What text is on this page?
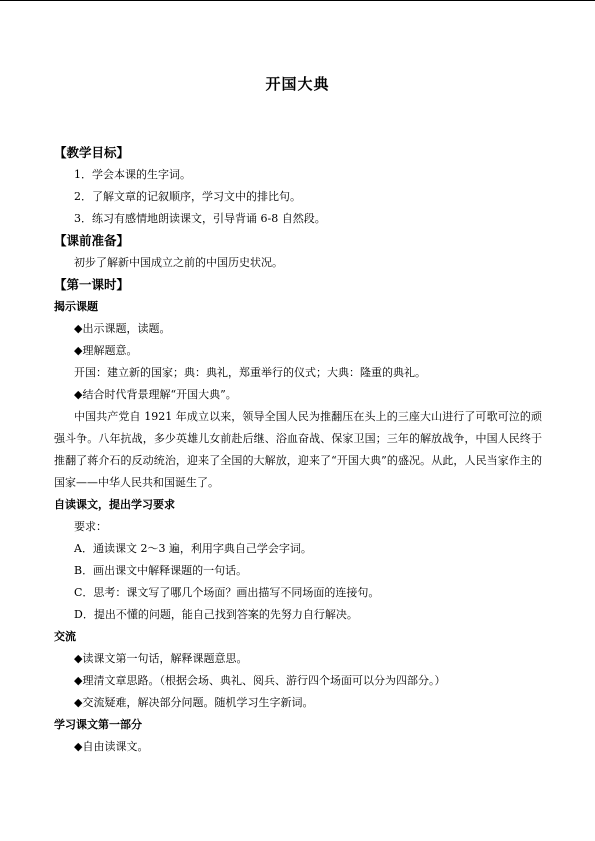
开国大典
【教学目标】
1．学会本课的生字词。
2．了解文章的记叙顺序，学习文中的排比句。
3．练习有感情地朗读课文，引导背诵 6-8 自然段。
【课前准备】
初步了解新中国成立之前的中国历史状况。
【第一课时】
揭示课题
◆出示课题，读题。
◆理解题意。
开国：建立新的国家；典：典礼，郑重举行的仪式；大典：隆重的典礼。
◆结合时代背景理解“开国大典”。

中国共产党自 1921 年成立以来，领导全国人民为推翻压在头上的三座大山进行了可歌可泣的顽强斗争。八年抗战，多少英雄儿女前赴后继、浴血奋战、保家卫国；三年的解放战争，中国人民终于推翻了蒋介石的反动统治，迎来了全国的大解放，迎来了“开国大典”的盛况。从此，人民当家作主的国家——中华人民共和国诞生了。

自读课文，提出学习要求
要求：
A．通读课文 2～3 遍，利用字典自己学会字词。
B．画出课文中解释课题的一句话。
C．思考：课文写了哪几个场面？画出描写不同场面的连接句。
D．提出不懂的问题，能自己找到答案的先努力自行解决。
交流
◆读课文第一句话，解释课题意思。
◆理清文章思路。（根据会场、典礼、阅兵、游行四个场面可以分为四部分。）
◆交流疑难，解决部分问题。随机学习生字新词。
学习课文第一部分
◆自由读课文。
